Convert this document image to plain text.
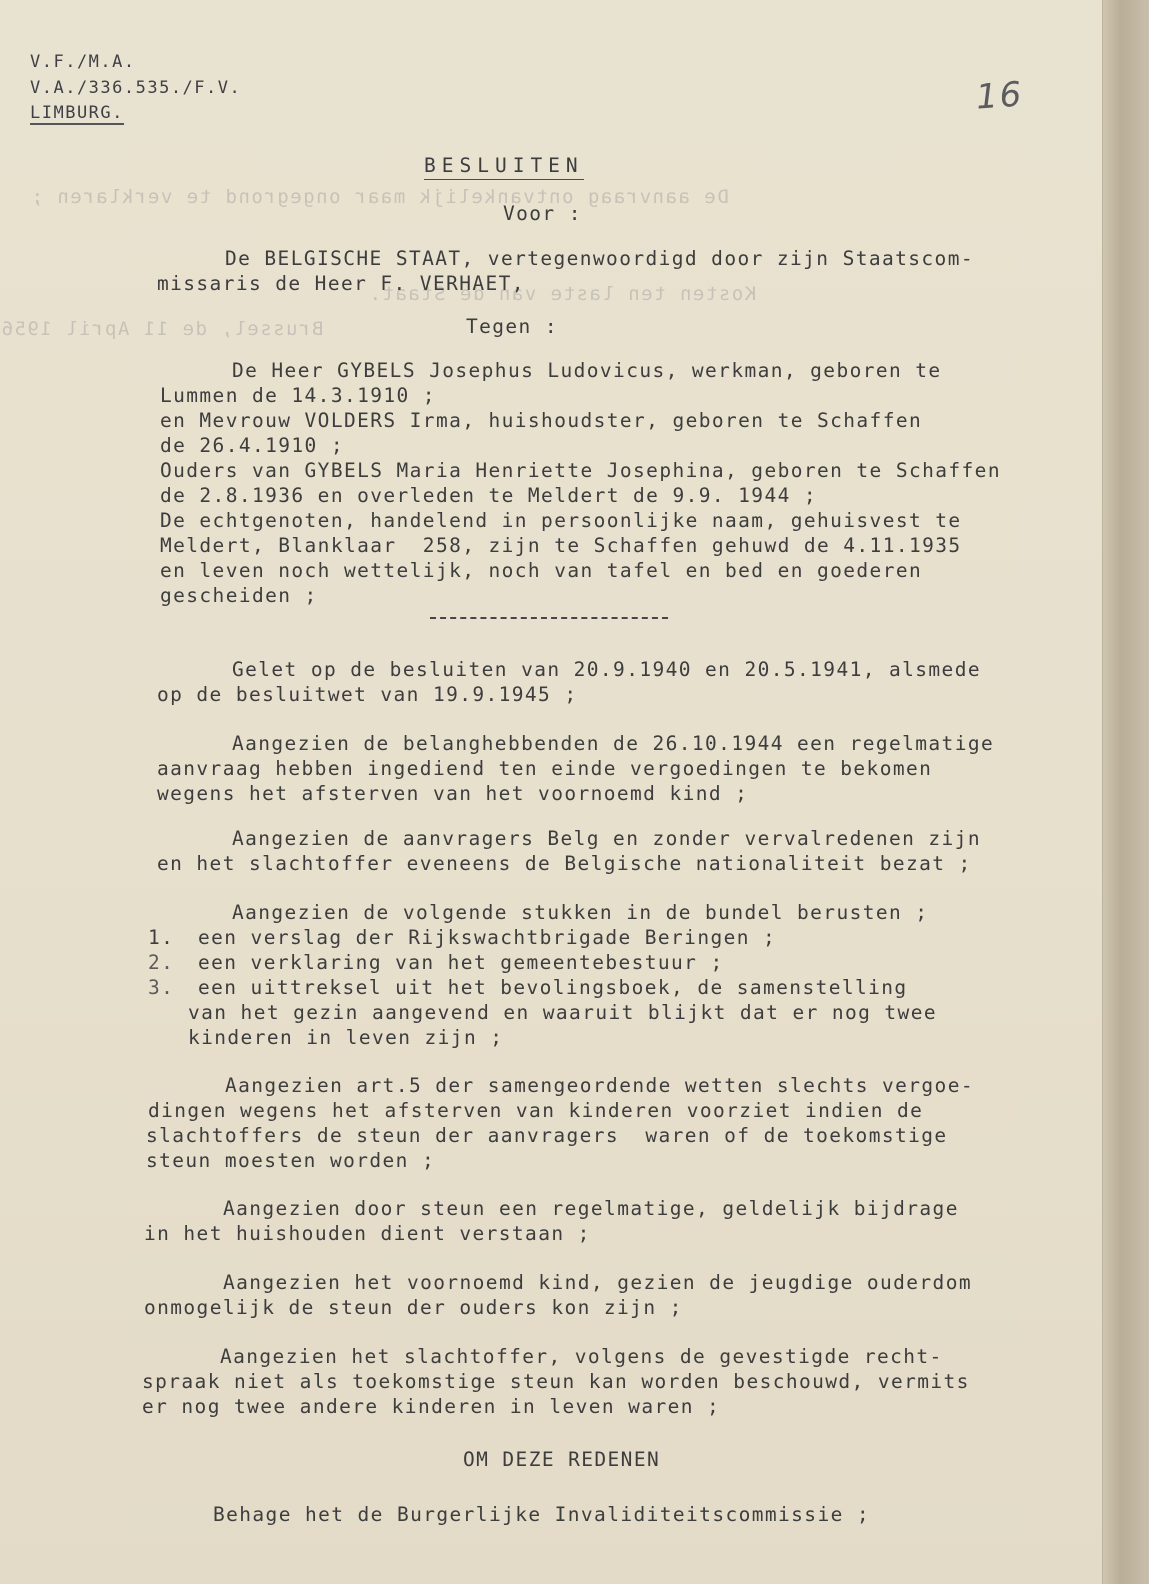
De aanvraag ontvankelijk maar ongegrond te verklaren ;
Kosten ten laste van de Staat.
Brussel, de 11 April 1956
V.F./M.A.
V.A./336.535./F.V.
LIMBURG.	16
BESLUITEN
Voor :
De BELGISCHE STAAT, vertegenwoordigd door zijn Staatscom-
missaris de Heer F. VERHAET,
Tegen :
De Heer GYBELS Josephus Ludovicus, werkman, geboren te
Lummen de 14.3.1910 ;
en Mevrouw VOLDERS Irma, huishoudster, geboren te Schaffen
de 26.4.1910 ;
Ouders van GYBELS Maria Henriette Josephina, geboren te Schaffen
de 2.8.1936 en overleden te Meldert de 9.9. 1944 ;
De echtgenoten, handelend in persoonlijke naam, gehuisvest te
Meldert, Blanklaar  258, zijn te Schaffen gehuwd de 4.11.1935
en leven noch wettelijk, noch van tafel en bed en goederen
gescheiden ;
Gelet op de besluiten van 20.9.1940 en 20.5.1941, alsmede
op de besluitwet van 19.9.1945 ;
Aangezien de belanghebbenden de 26.10.1944 een regelmatige
aanvraag hebben ingediend ten einde vergoedingen te bekomen
wegens het afsterven van het voornoemd kind ;
Aangezien de aanvragers Belg en zonder vervalredenen zijn
en het slachtoffer eveneens de Belgische nationaliteit bezat ;
Aangezien de volgende stukken in de bundel berusten ;
1. een verslag der Rijkswachtbrigade Beringen ;
2. een verklaring van het gemeentebestuur ;
3. een uittreksel uit het bevolingsboek, de samenstelling
van het gezin aangevend en waaruit blijkt dat er nog twee
kinderen in leven zijn ;
Aangezien art.5 der samengeordende wetten slechts vergoe-
dingen wegens het afsterven van kinderen voorziet indien de
slachtoffers de steun der aanvragers  waren of de toekomstige
steun moesten worden ;
Aangezien door steun een regelmatige, geldelijk bijdrage
in het huishouden dient verstaan ;
Aangezien het voornoemd kind, gezien de jeugdige ouderdom
onmogelijk de steun der ouders kon zijn ;
Aangezien het slachtoffer, volgens de gevestigde recht-
spraak niet als toekomstige steun kan worden beschouwd, vermits
er nog twee andere kinderen in leven waren ;
OM DEZE REDENEN
Behage het de Burgerlijke Invaliditeitscommissie ;
